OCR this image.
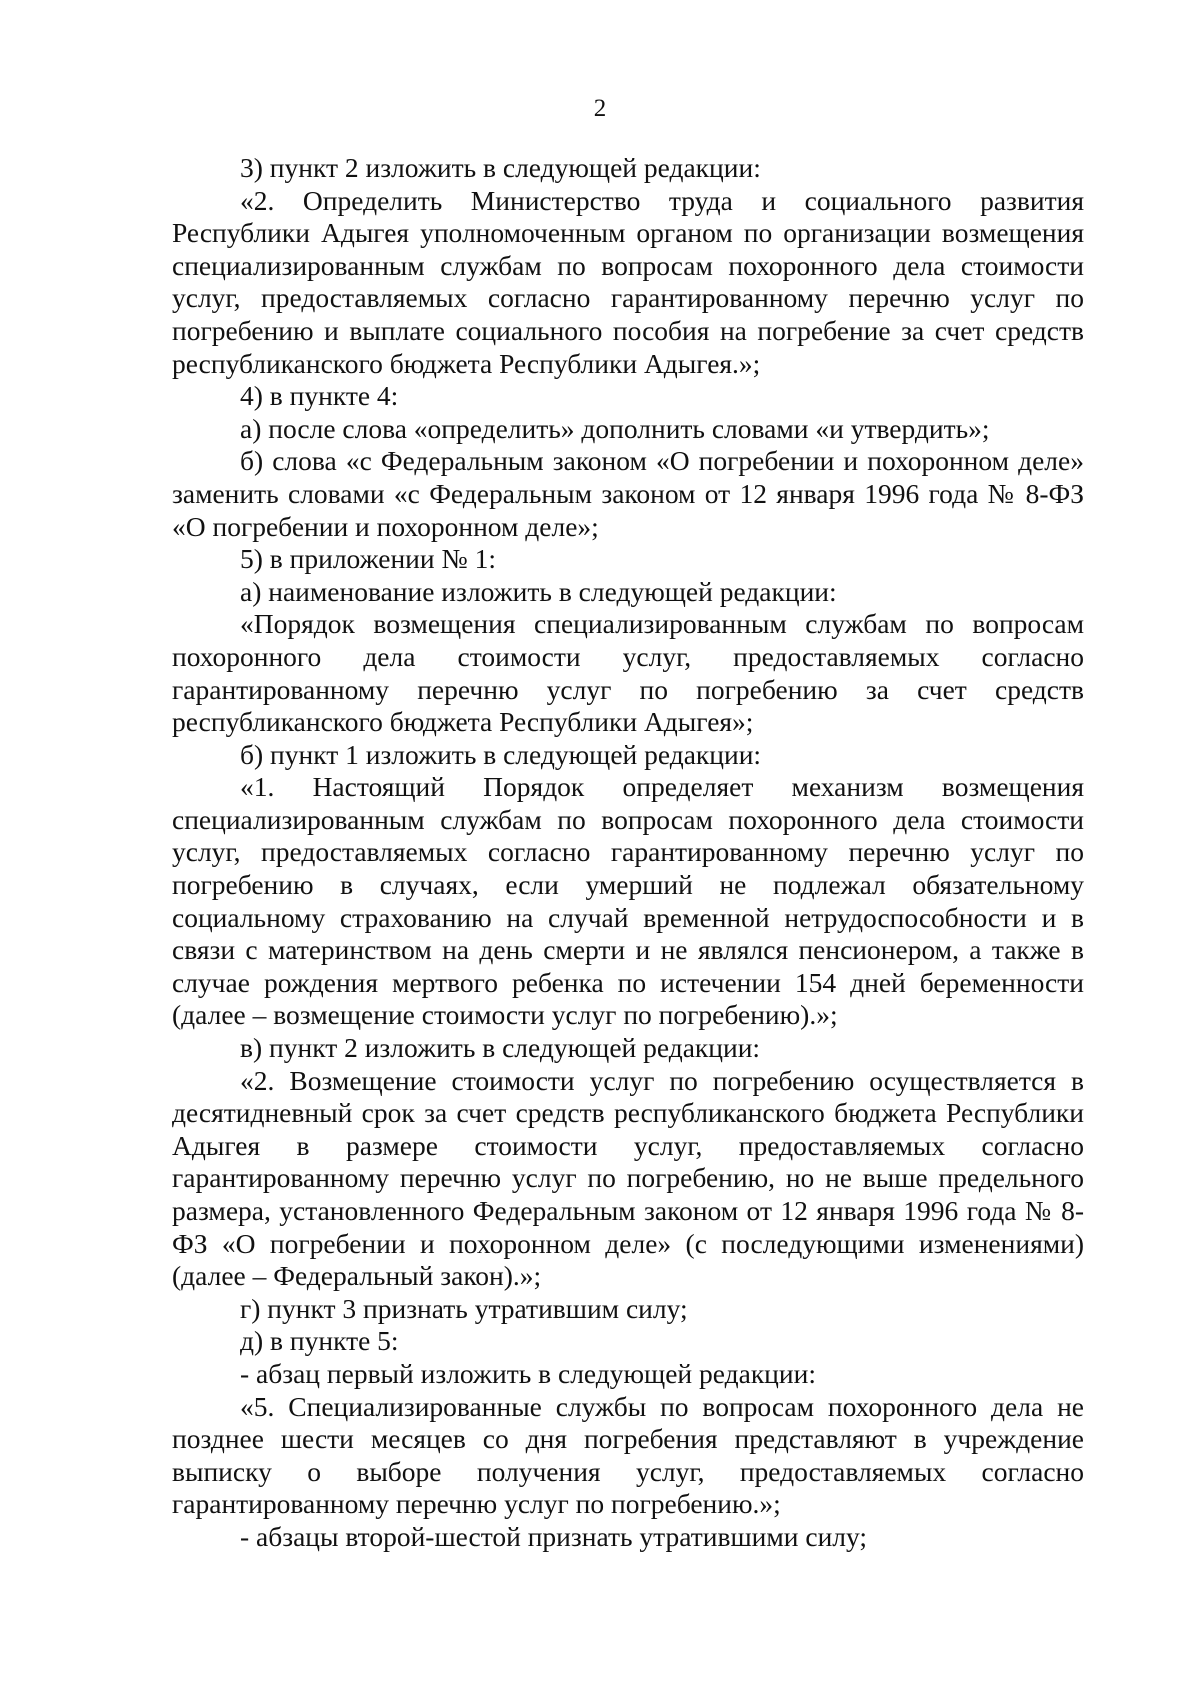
2

3) пункт 2 изложить в следующей редакции:

«2. Определить Министерство труда и социального развития Республики Адыгея уполномоченным органом по организации возмещения специализированным службам по вопросам похоронного дела стоимости услуг, предоставляемых согласно гарантированному перечню услуг по погребению и выплате социального пособия на погребение за счет средств республиканского бюджета Республики Адыгея.»;

4) в пункте 4:

а) после слова «определить» дополнить словами «и утвердить»;

б) слова «с Федеральным законом «О погребении и похоронном деле» заменить словами «с Федеральным законом от 12 января 1996 года № 8-ФЗ «О погребении и похоронном деле»;

5) в приложении № 1:

а) наименование изложить в следующей редакции:

«Порядок возмещения специализированным службам по вопросам похоронного дела стоимости услуг, предоставляемых согласно гарантированному перечню услуг по погребению за счет средств республиканского бюджета Республики Адыгея»;

б) пункт 1 изложить в следующей редакции:

«1. Настоящий Порядок определяет механизм возмещения специализированным службам по вопросам похоронного дела стоимости услуг, предоставляемых согласно гарантированному перечню услуг по погребению в случаях, если умерший не подлежал обязательному социальному страхованию на случай временной нетрудоспособности и в связи с материнством на день смерти и не являлся пенсионером, а также в случае рождения мертвого ребенка по истечении 154 дней беременности (далее – возмещение стоимости услуг по погребению).»;

в) пункт 2 изложить в следующей редакции:

«2. Возмещение стоимости услуг по погребению осуществляется в десятидневный срок за счет средств республиканского бюджета Республики Адыгея в размере стоимости услуг, предоставляемых согласно гарантированному перечню услуг по погребению, но не выше предельного размера, установленного Федеральным законом от 12 января 1996 года № 8-ФЗ «О погребении и похоронном деле» (с последующими изменениями) (далее – Федеральный закон).»;

г) пункт 3 признать утратившим силу;

д) в пункте 5:

- абзац первый изложить в следующей редакции:

«5. Специализированные службы по вопросам похоронного дела не позднее шести месяцев со дня погребения представляют в учреждение выписку о выборе получения услуг, предоставляемых согласно гарантированному перечню услуг по погребению.»;

- абзацы второй-шестой признать утратившими силу;
